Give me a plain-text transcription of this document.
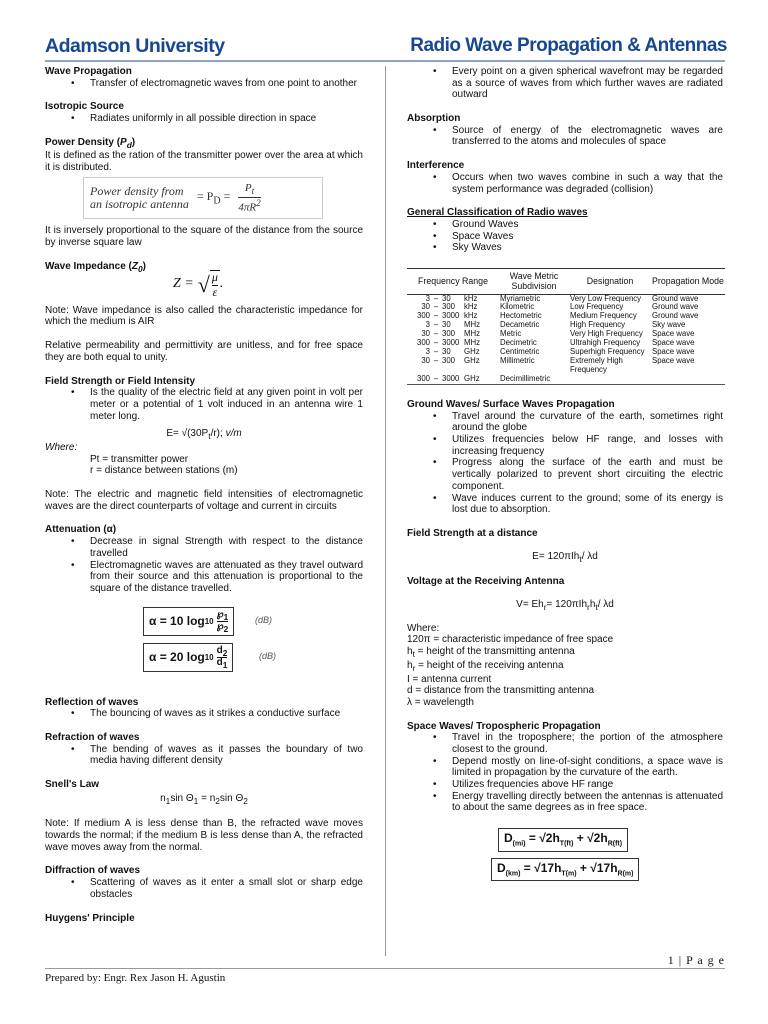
Adamson University	Radio Wave Propagation & Antennas

Wave Propagation

• Transfer of electromagnetic waves from one point to another

Isotropic Source

• Radiates uniformly in all possible direction in space

Power Density $(P_d)$

It is defined as the ration of the transmitter power over the area at which it is distributed.

Power density from
an isotropic antenna
= $P_D = \frac{P_t}{4\pi R^2}$

It is inversely proportional to the square of the distance from the source by inverse square law

Wave Impedance $(Z_0)$

Z = √ μ
ε
.

Note: Wave impedance is also called the characteristic impedance for which the medium is AIR

Relative permeability and permittivity are unitless, and for free space they are both equal to unity.

Field Strength or Field Intensity

• Is the quality of the electric field at any given point in volt per meter or a potential of 1 volt induced in an antenna wire 1 meter long.

$E= √(30P_t/r)$; v/m

Where:

Pt = transmitter power

r = distance between stations (m)

Note: The electric and magnetic field intensities of electromagnetic waves are the direct counterparts of voltage and current in circuits

Attenuation (α)

• Decrease in signal Strength with respect to the distance travelled
• Electromagnetic waves are attenuated as they travel outward from their source and this attenuation is proportional to the square of the distance travelled.
α = 10 log 10
$℘_1$
$℘_2$
(dB)
α = 20 log 10
$d_2$
$d_1$
(dB)

Reflection of waves

• The bouncing of waves as it strikes a conductive surface

Refraction of waves

• The bending of waves as it passes the boundary of two media having different density

Snell's Law

$n_1\sin$ $\Theta_1 = n_2\sin$ $\Theta_2$

Note: If medium A is less dense than B, the refracted wave moves towards the normal; if the medium B is less dense than A, the refracted wave moves away from the normal.

Diffraction of waves

• Scattering of waves as it enter a small slot or sharp edge obstacles

Huygens' Principle

• Every point on a given spherical wavefront may be regarded as a source of waves from which further waves are radiated outward

Absorption

• Source of energy of the electromagnetic waves are transferred to the atoms and molecules of space

Interference

• Occurs when two waves combine in such a way that the system performance was degraded (collision)

General Classification of Radio waves

• Ground Waves
• Space Waves
• Sky Waves
Frequency Range	Wave Metric Subdivision	Designation	Propagation Mode
3 – 30 kHz	Myriametric	Very Low Frequency	Ground wave
30 – 300 kHz	Kilometric	Low Frequency	Ground wave
300 – 3000 kHz	Hectometric	Medium Frequency	Ground wave
3 – 30 MHz	Decametric	High Frequency	Sky wave
30 – 300 MHz	Metric	Very High Frequency	Space wave
300 – 3000 MHz	Decimetric	Ultrahigh Frequency	Space wave
3 – 30 GHz	Centimetric	Superhigh Frequency	Space wave
30 – 300 GHz	Millimetric	Extremely High Frequency	Space wave
300 – 3000 GHz	Decimillimetric		

Ground Waves/ Surface Waves Propagation

• Travel around the curvature of the earth, sometimes right around the globe
• Utilizes frequencies below HF range, and losses with increasing frequency
• Progress along the surface of the earth and must be vertically polarized to prevent short circuiting the electric component.
• Wave induces current to the ground; some of its energy is lost due to absorption.

Field Strength at a distance

E= 120πIh$_t$/ λd

Voltage at the Receiving Antenna

$V= Eh_r= 120\pi Ih_rh_t/$ λd

Where:

120π = characteristic impedance of free space

$h_t$ = height of the transmitting antenna

$h_r$ = height of the receiving antenna

I = antenna current

d = distance from the transmitting antenna

λ = wavelength

Space Waves/ Tropospheric Propagation

• Travel in the troposphere; the portion of the atmosphere closest to the ground.
• Depend mostly on line-of-sight conditions, a space wave is limited in propagation by the curvature of the earth.
• Utilizes frequencies above HF range
• Energy travelling directly between the antennas is attenuated to about the same degrees as in free space.
$D_{(mi)} = √2h_{T(ft)} + √2h_{R(ft)}$
$D_{(km)} = √17h_{T(m)} + √17h_{R(m)}$
1 | P a g e
Prepared by: Engr. Rex Jason H. Agustin
